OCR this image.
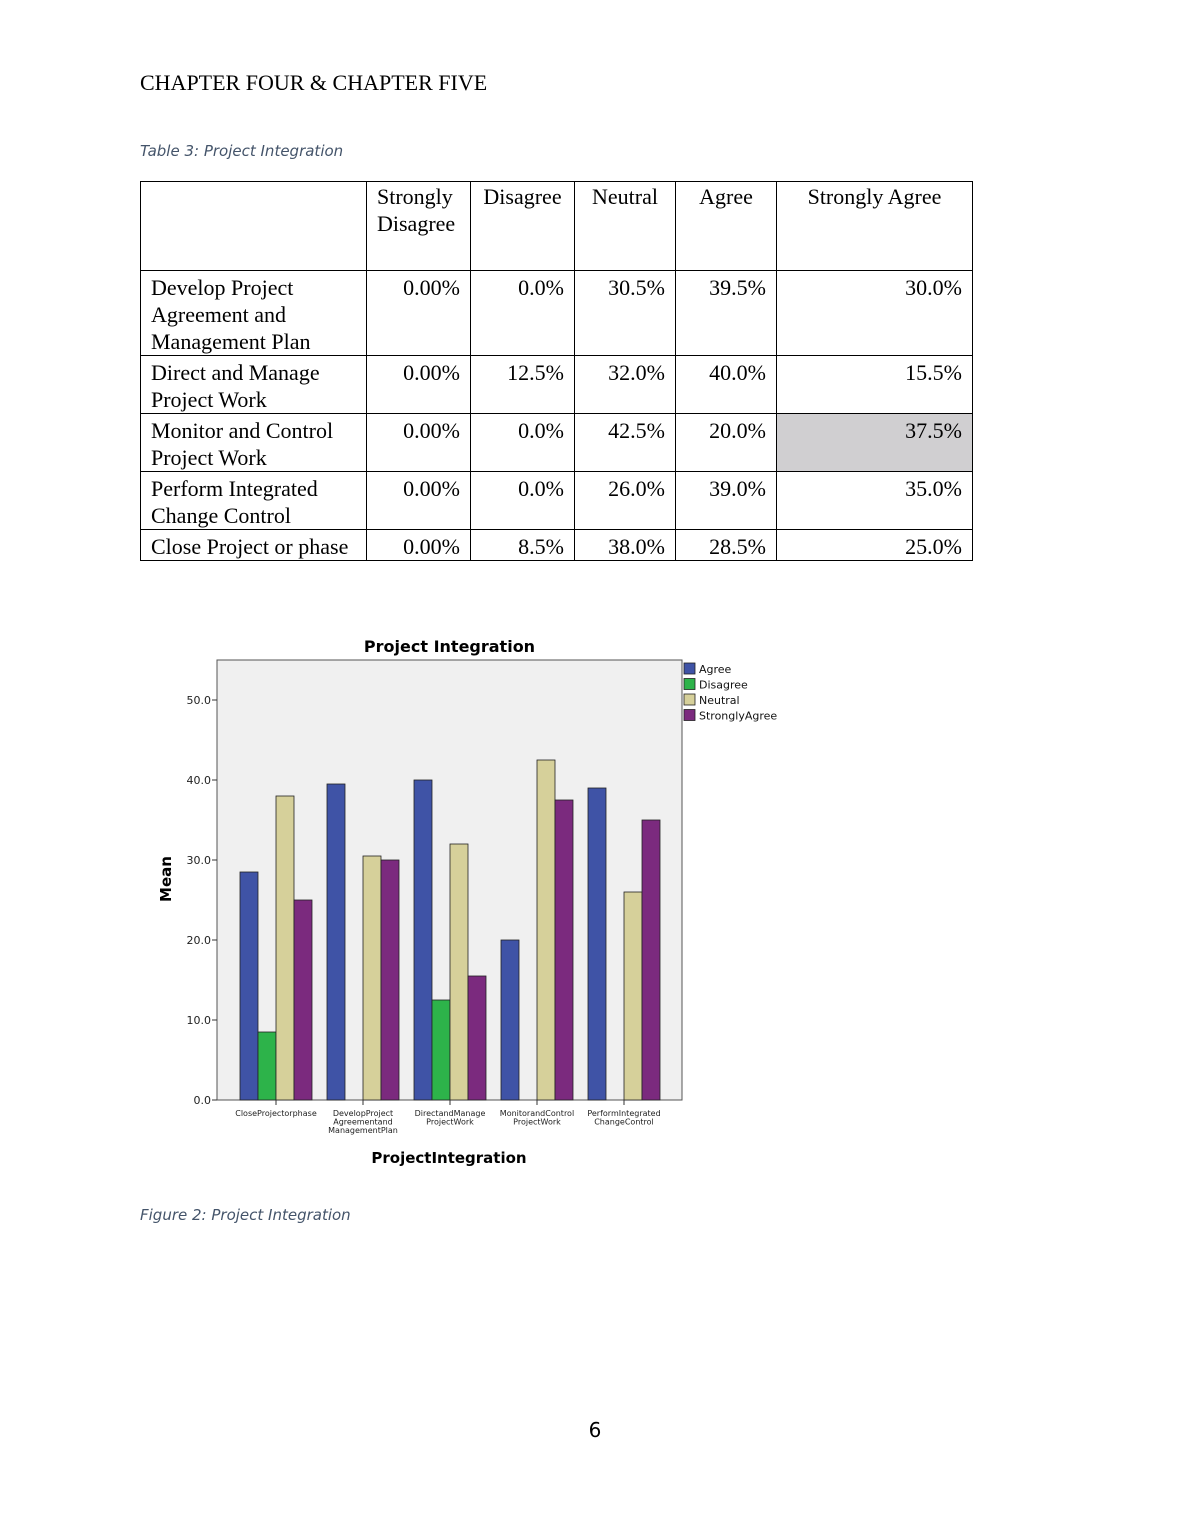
CHAPTER FOUR & CHAPTER FIVE
Table 3: Project Integration
	Strongly Disagree	Disagree	Neutral	Agree	Strongly Agree
Develop Project Agreement and Management Plan	0.00%	0.0%	30.5%	39.5%	30.0%
Direct and Manage Project Work	0.00%	12.5%	32.0%	40.0%	15.5%
Monitor and Control Project Work	0.00%	0.0%	42.5%	20.0%	37.5%
Perform Integrated Change Control	0.00%	0.0%	26.0%	39.0%	35.0%
Close Project or phase	0.00%	8.5%	38.0%	28.5%	25.0%
Project Integration
0.0
10.0
20.0
30.0
40.0
50.0
Mean
ProjectIntegration
CloseProjectorphase DevelopProject
Agreementand
ManagementPlan
DirectandManage
ProjectWork
MonitorandControl
ProjectWork
PerformIntegrated
ChangeControl
Agree
Disagree
Neutral
StronglyAgree
Figure 2: Project Integration
6
